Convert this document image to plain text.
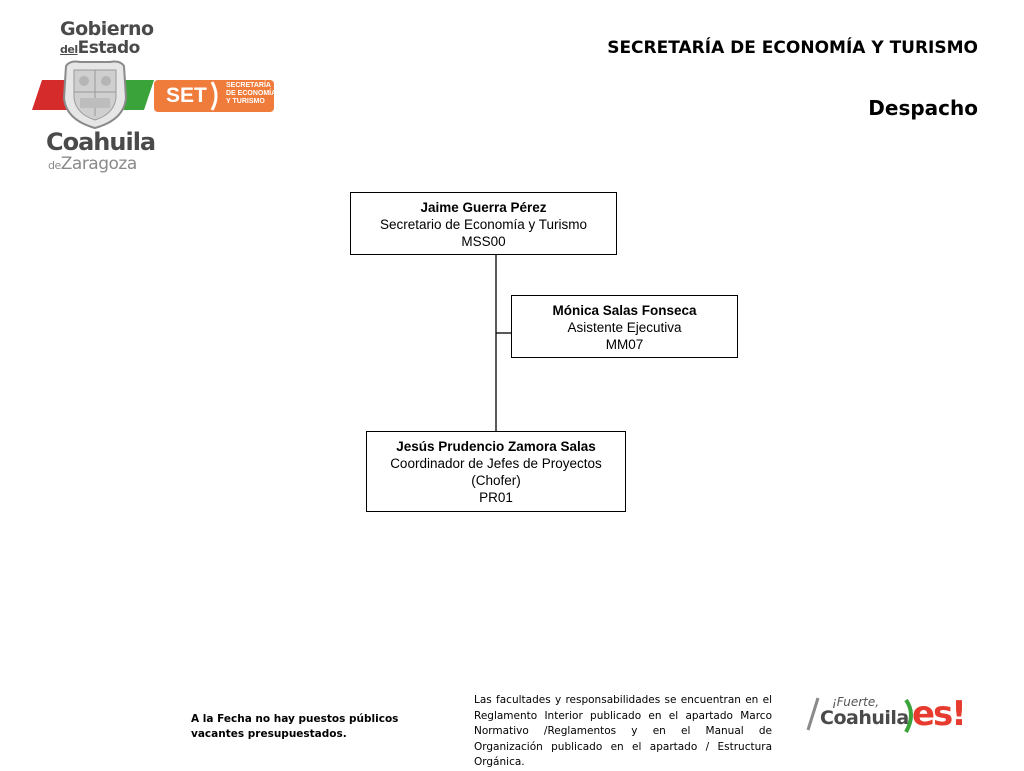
Gobierno
delEstado
SET	SECRETARÍA
DE ECONOMÍA
Y TURISMO
Coahuila
deZaragoza
SECRETARÍA DE ECONOMÍA Y TURISMO
Despacho
Jaime Guerra Pérez
Secretario de Economía y Turismo
MSS00
Mónica Salas Fonseca
Asistente Ejecutiva
MM07
Jesús Prudencio Zamora Salas
Coordinador de Jefes de Proyectos
(Chofer)
PR01
A la Fecha no hay puestos públicos vacantes presupuestados.
Las facultades y responsabilidades se encuentran en el Reglamento Interior publicado en el apartado Marco Normativo /Reglamentos y en el Manual de Organización publicado en el apartado / Estructura Orgánica.
¡Fuerte,
Coahuila es!
